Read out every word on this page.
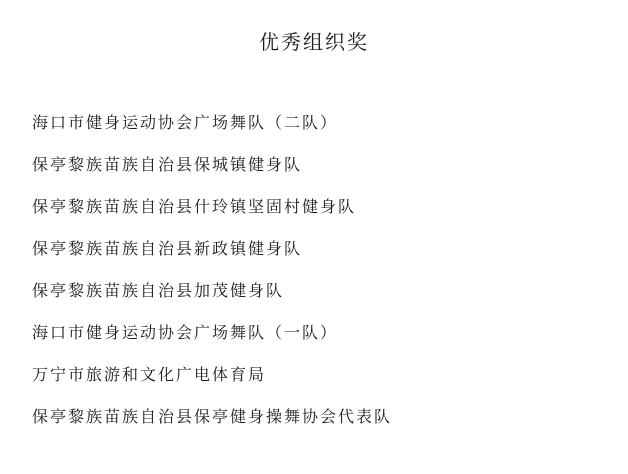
优秀组织奖
海口市健身运动协会广场舞队（二队）
保亭黎族苗族自治县保城镇健身队
保亭黎族苗族自治县什玲镇坚固村健身队
保亭黎族苗族自治县新政镇健身队
保亭黎族苗族自治县加茂健身队
海口市健身运动协会广场舞队（一队）
万宁市旅游和文化广电体育局
保亭黎族苗族自治县保亭健身操舞协会代表队
